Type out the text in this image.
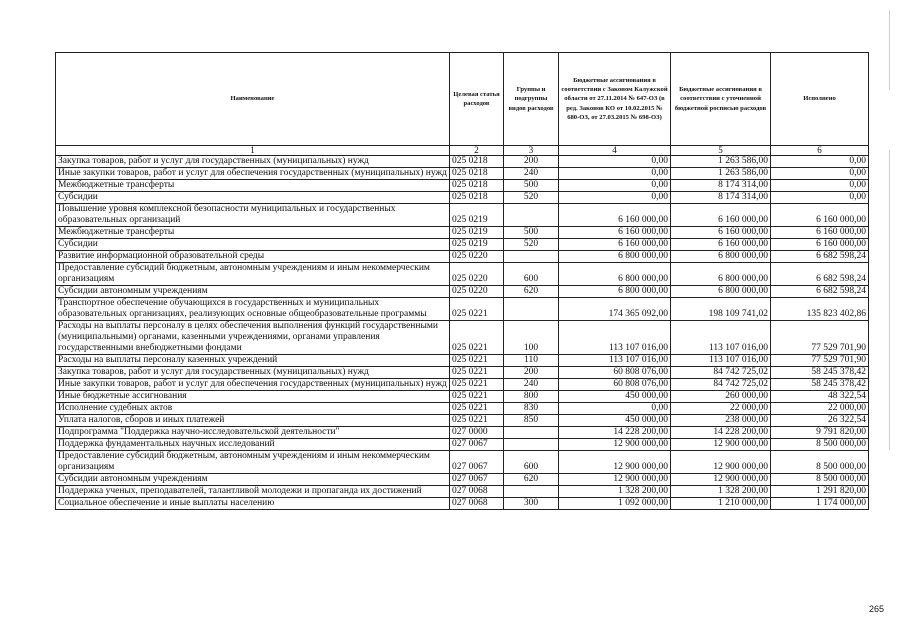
Наименование	Целевая статья расходов	Группы и подгруппы видов расходов	Бюджетные ассигнования в соответствии с Законом Калужской области от 27.11.2014 № 647-ОЗ (в ред. Законов КО от 10.02.2015 № 680-ОЗ, от 27.03.2015 № 698-ОЗ)	Бюджетные ассигнования в соответствии с уточненной бюджетной росписью расходов	Исполнено
1	2	3	4	5	6
Закупка товаров, работ и услуг для государственных (муниципальных) нужд	025 0218	200	0,00	1 263 586,00	0,00
Иные закупки товаров, работ и услуг для обеспечения государственных (муниципальных) нужд	025 0218	240	0,00	1 263 586,00	0,00
Межбюджетные трансферты	025 0218	500	0,00	8 174 314,00	0,00
Субсидии	025 0218	520	0,00	8 174 314,00	0,00
Повышение уровня комплексной безопасности муниципальных и государственных образовательных организаций	025 0219		6 160 000,00	6 160 000,00	6 160 000,00
Межбюджетные трансферты	025 0219	500	6 160 000,00	6 160 000,00	6 160 000,00
Субсидии	025 0219	520	6 160 000,00	6 160 000,00	6 160 000,00
Развитие информационной образовательной среды	025 0220		6 800 000,00	6 800 000,00	6 682 598,24
Предоставление субсидий бюджетным, автономным учреждениям и иным некоммерческим организациям	025 0220	600	6 800 000,00	6 800 000,00	6 682 598,24
Субсидии автономным учреждениям	025 0220	620	6 800 000,00	6 800 000,00	6 682 598,24
Транспортное обеспечение обучающихся в государственных и муниципальных образовательных организациях, реализующих основные общеобразовательные программы	025 0221		174 365 092,00	198 109 741,02	135 823 402,86
Расходы на выплаты персоналу в целях обеспечения выполнения функций государственными (муниципальными) органами, казенными учреждениями, органами управления государственными внебюджетными фондами	025 0221	100	113 107 016,00	113 107 016,00	77 529 701,90
Расходы на выплаты персоналу казенных учреждений	025 0221	110	113 107 016,00	113 107 016,00	77 529 701,90
Закупка товаров, работ и услуг для государственных (муниципальных) нужд	025 0221	200	60 808 076,00	84 742 725,02	58 245 378,42
Иные закупки товаров, работ и услуг для обеспечения государственных (муниципальных) нужд	025 0221	240	60 808 076,00	84 742 725,02	58 245 378,42
Иные бюджетные ассигнования	025 0221	800	450 000,00	260 000,00	48 322,54
Исполнение судебных актов	025 0221	830	0,00	22 000,00	22 000,00
Уплата налогов, сборов и иных платежей	025 0221	850	450 000,00	238 000,00	26 322,54
Подпрограмма "Поддержка научно-исследовательской деятельности"	027 0000		14 228 200,00	14 228 200,00	9 791 820,00
Поддержка фундаментальных научных исследований	027 0067		12 900 000,00	12 900 000,00	8 500 000,00
Предоставление субсидий бюджетным, автономным учреждениям и иным некоммерческим организациям	027 0067	600	12 900 000,00	12 900 000,00	8 500 000,00
Субсидии автономным учреждениям	027 0067	620	12 900 000,00	12 900 000,00	8 500 000,00
Поддержка ученых, преподавателей, талантливой молодежи и пропаганда их достижений	027 0068		1 328 200,00	1 328 200,00	1 291 820,00
Социальное обеспечение и иные выплаты населению	027 0068	300	1 092 000,00	1 210 000,00	1 174 000,00
265
